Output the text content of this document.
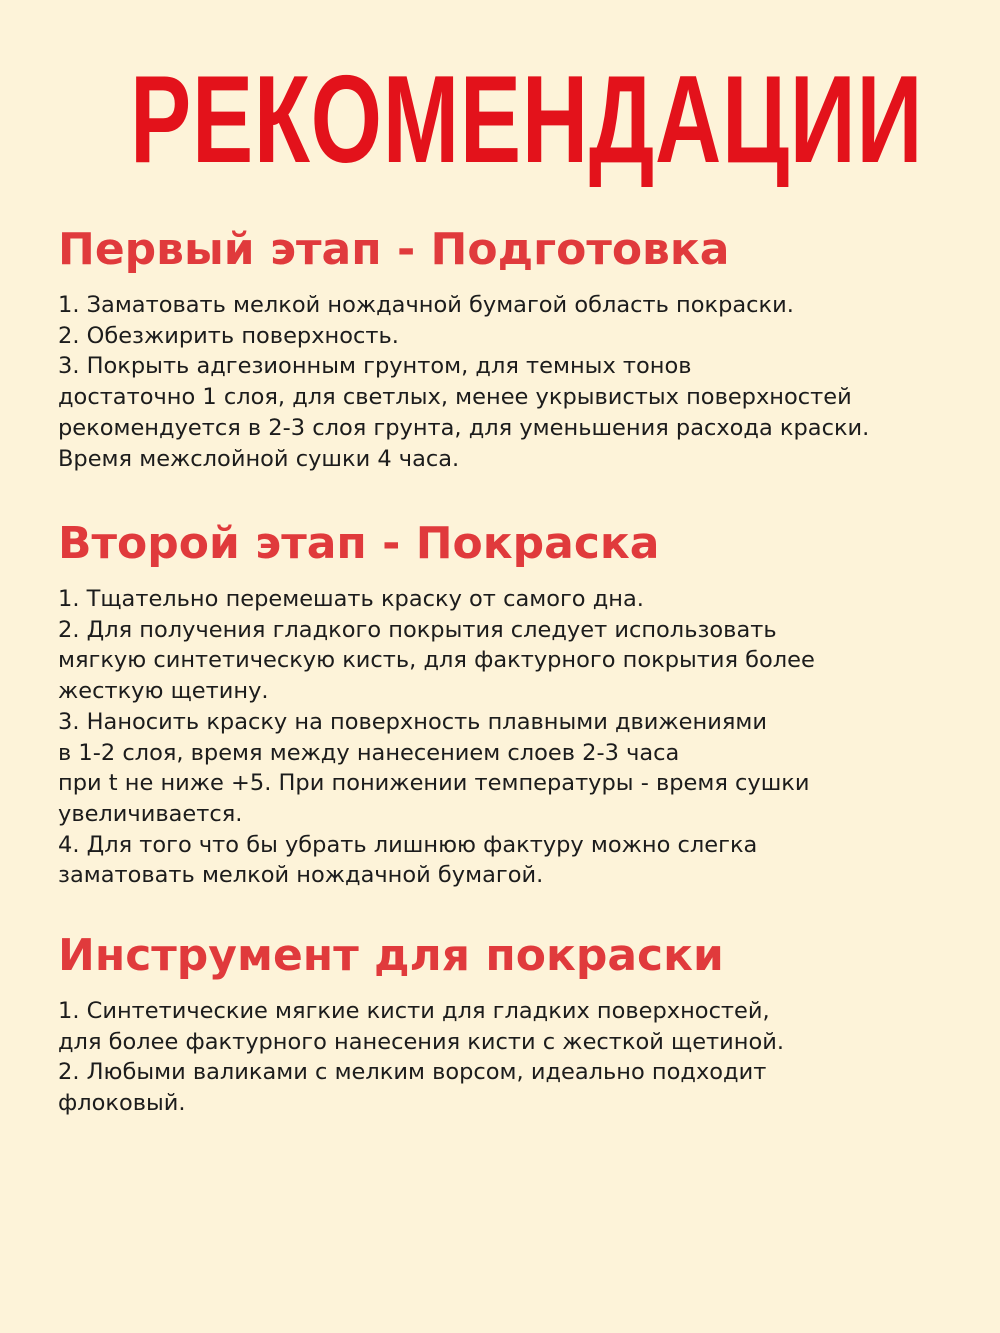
РЕКОМЕНДАЦИИ
Первый этап - Подготовка
1. Заматовать мелкой нождачной бумагой область покраски.
2. Обезжирить поверхность.
3. Покрыть адгезионным грунтом, для темных тонов
достаточно 1 слоя, для светлых, менее укрывистых поверхностей
рекомендуется в 2-3 слоя грунта, для уменьшения расхода краски.
Время межслойной сушки 4 часа.
Второй этап - Покраска
1. Тщательно перемешать краску от самого дна.
2. Для получения гладкого покрытия следует использовать
мягкую синтетическую кисть, для фактурного покрытия более
жесткую щетину.
3. Наносить краску на поверхность плавными движениями
в 1-2 слоя, время между нанесением слоев 2-3 часа
при t не ниже +5. При понижении температуры - время сушки
увеличивается.
4. Для того что бы убрать лишнюю фактуру можно слегка
заматовать мелкой нождачной бумагой.
Инструмент для покраски
1. Синтетические мягкие кисти для гладких поверхностей,
для более фактурного нанесения кисти с жесткой щетиной.
2. Любыми валиками с мелким ворсом, идеально подходит
флоковый.
